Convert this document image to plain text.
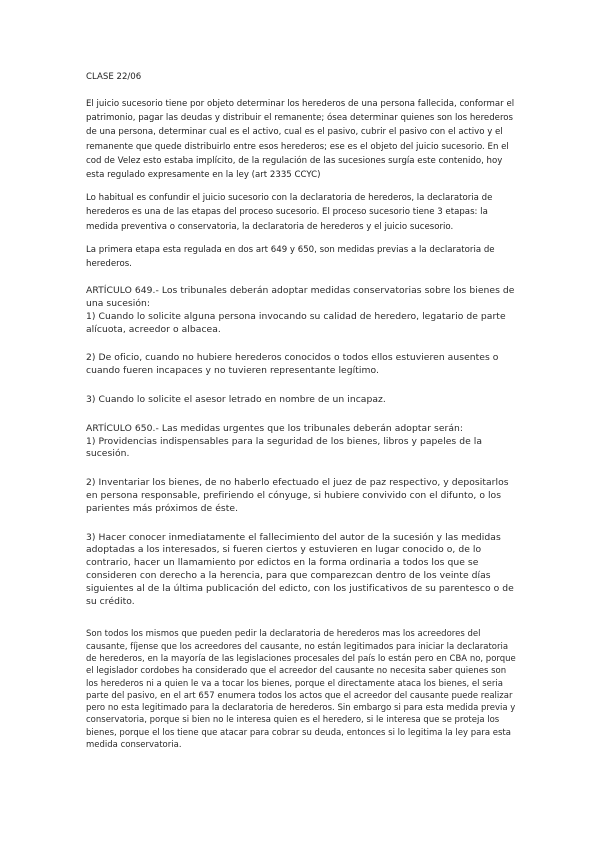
CLASE 22/06

El juicio sucesorio tiene por objeto determinar los herederos de una persona fallecida, conformar el patrimonio, pagar las deudas y distribuir el remanente; ósea determinar quienes son los herederos de una persona, determinar cual es el activo, cual es el pasivo, cubrir el pasivo con el activo y el remanente que quede distribuirlo entre esos herederos; ese es el objeto del juicio sucesorio. En el cod de Velez esto estaba implícito, de la regulación de las sucesiones surgía este contenido, hoy esta regulado expresamente en la ley (art 2335 CCYC)

Lo habitual es confundir el juicio sucesorio con la declaratoria de herederos, la declaratoria de herederos es una de las etapas del proceso sucesorio. El proceso sucesorio tiene 3 etapas: la medida preventiva o conservatoria, la declaratoria de herederos y el juicio sucesorio.

La primera etapa esta regulada en dos art 649 y 650, son medidas previas a la declaratoria de herederos.

ARTÍCULO 649.- Los tribunales deberán adoptar medidas conservatorias sobre los bienes de una sucesión:

1) Cuando lo solicite alguna persona invocando su calidad de heredero, legatario de parte alícuota, acreedor o albacea.

2) De oficio, cuando no hubiere herederos conocidos o todos ellos estuvieren ausentes o cuando fueren incapaces y no tuvieren representante legítimo.

3) Cuando lo solicite el asesor letrado en nombre de un incapaz.

ARTÍCULO 650.- Las medidas urgentes que los tribunales deberán adoptar serán:

1) Providencias indispensables para la seguridad de los bienes, libros y papeles de la sucesión.

2) Inventariar los bienes, de no haberlo efectuado el juez de paz respectivo, y depositarlos en persona responsable, prefiriendo el cónyuge, si hubiere convivido con el difunto, o los parientes más próximos de éste.

3) Hacer conocer inmediatamente el fallecimiento del autor de la sucesión y las medidas adoptadas a los interesados, si fueren ciertos y estuvieren en lugar conocido o, de lo contrario, hacer un llamamiento por edictos en la forma ordinaria a todos los que se consideren con derecho a la herencia, para que comparezcan dentro de los veinte días siguientes al de la última publicación del edicto, con los justificativos de su parentesco o de su crédito.

Son todos los mismos que pueden pedir la declaratoria de herederos mas los acreedores del causante, fíjense que los acreedores del causante, no están legitimados para iniciar la declaratoria de herederos, en la mayoría de las legislaciones procesales del país lo están pero en CBA no, porque el legislador cordobes ha considerado que el acreedor del causante no necesita saber quienes son los herederos ni a quien le va a tocar los bienes, porque el directamente ataca los bienes, el seria parte del pasivo, en el art 657 enumera todos los actos que el acreedor del causante puede realizar pero no esta legitimado para la declaratoria de herederos. Sin embargo si para esta medida previa y conservatoria, porque si bien no le interesa quien es el heredero, si le interesa que se proteja los bienes, porque el los tiene que atacar para cobrar su deuda, entonces si lo legitima la ley para esta medida conservatoria.
